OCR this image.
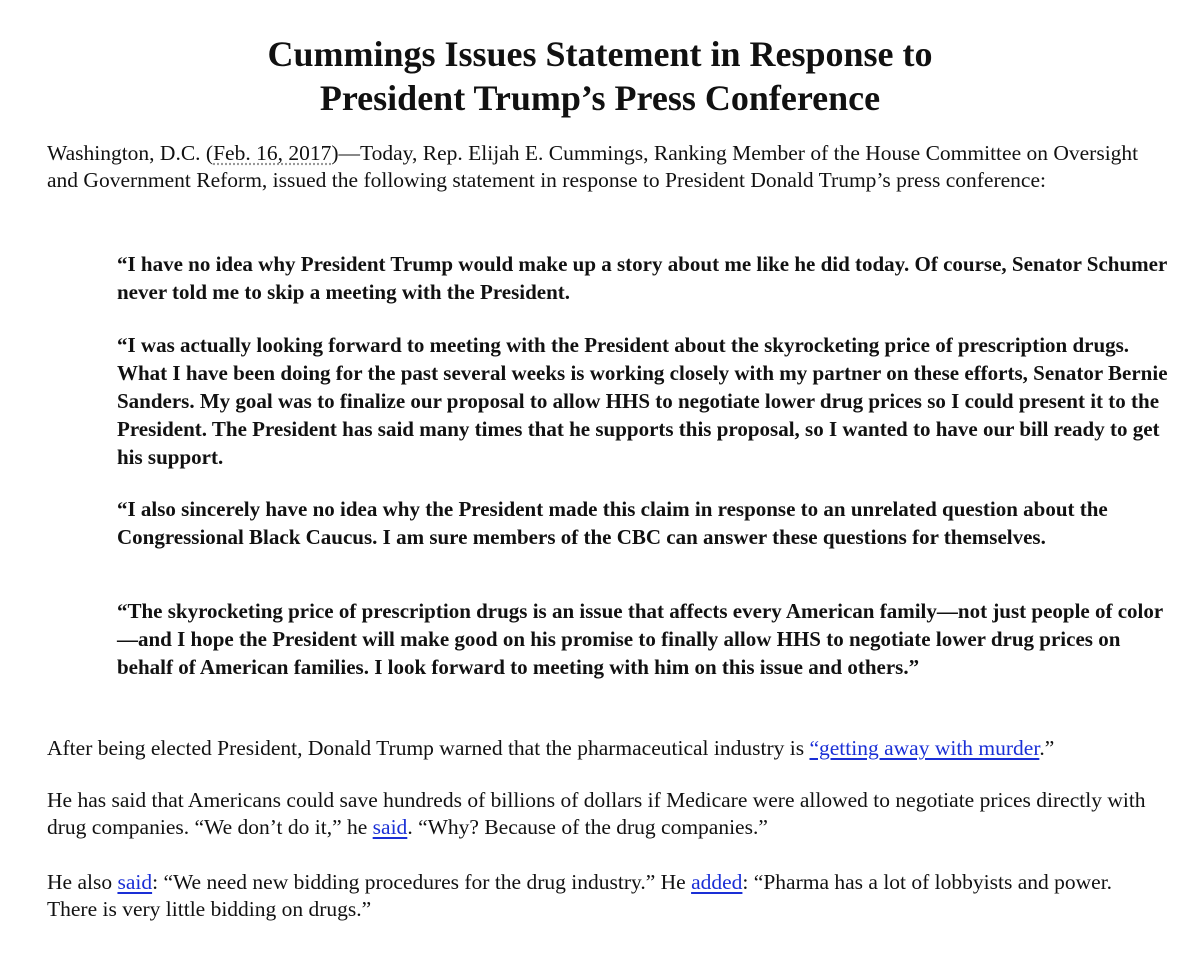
Cummings Issues Statement in Response to
President Trump’s Press Conference

Washington, D.C. (Feb. 16, 2017)—Today, Rep. Elijah E. Cummings, Ranking Member of the House Committee on Oversight and Government Reform, issued the following statement in response to President Donald Trump’s press conference:

“I have no idea why President Trump would make up a story about me like he did today. Of course, Senator Schumer never told me to skip a meeting with the President.

“I was actually looking forward to meeting with the President about the skyrocketing price of prescription drugs. What I have been doing for the past several weeks is working closely with my partner on these efforts, Senator Bernie Sanders. My goal was to finalize our proposal to allow HHS to negotiate lower drug prices so I could present it to the President. The President has said many times that he supports this proposal, so I wanted to have our bill ready to get his support.

“I also sincerely have no idea why the President made this claim in response to an unrelated question about the Congressional Black Caucus. I am sure members of the CBC can answer these questions for themselves.

“The skyrocketing price of prescription drugs is an issue that affects every American family—not just people of color—and I hope the President will make good on his promise to finally allow HHS to negotiate lower drug prices on behalf of American families. I look forward to meeting with him on this issue and others.”

After being elected President, Donald Trump warned that the pharmaceutical industry is “getting away with murder.”

He has said that Americans could save hundreds of billions of dollars if Medicare were allowed to negotiate prices directly with drug companies. “We don’t do it,” he said. “Why? Because of the drug companies.”

He also said: “We need new bidding procedures for the drug industry.” He added: “Pharma has a lot of lobbyists and power. There is very little bidding on drugs.”
